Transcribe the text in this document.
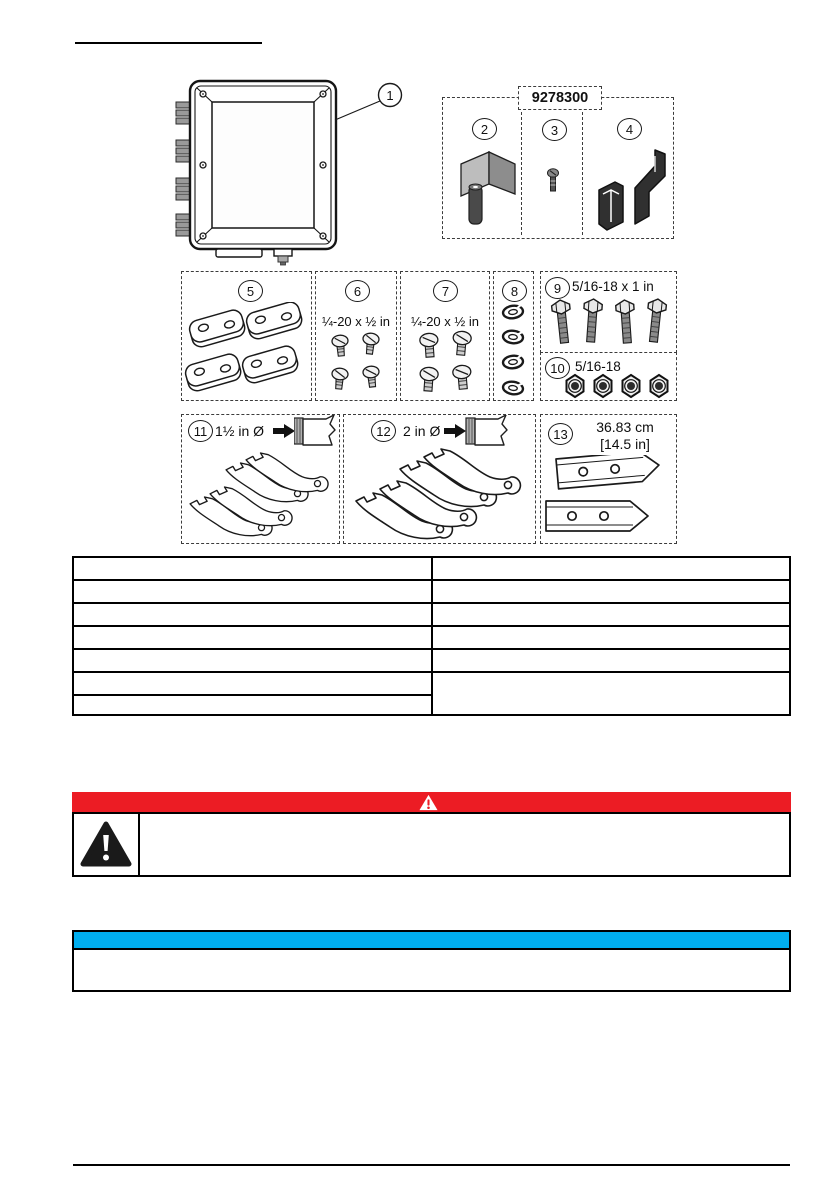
1
2	3	4
9278300
5	6
¼-20 x ½ in
7
¼-20 x ½ in
8	9 5/16-18 x 1 in
10 5/16-18
11 1½ in Ø	12 2 in Ø	13	36.83 cm
[14.5 in]
